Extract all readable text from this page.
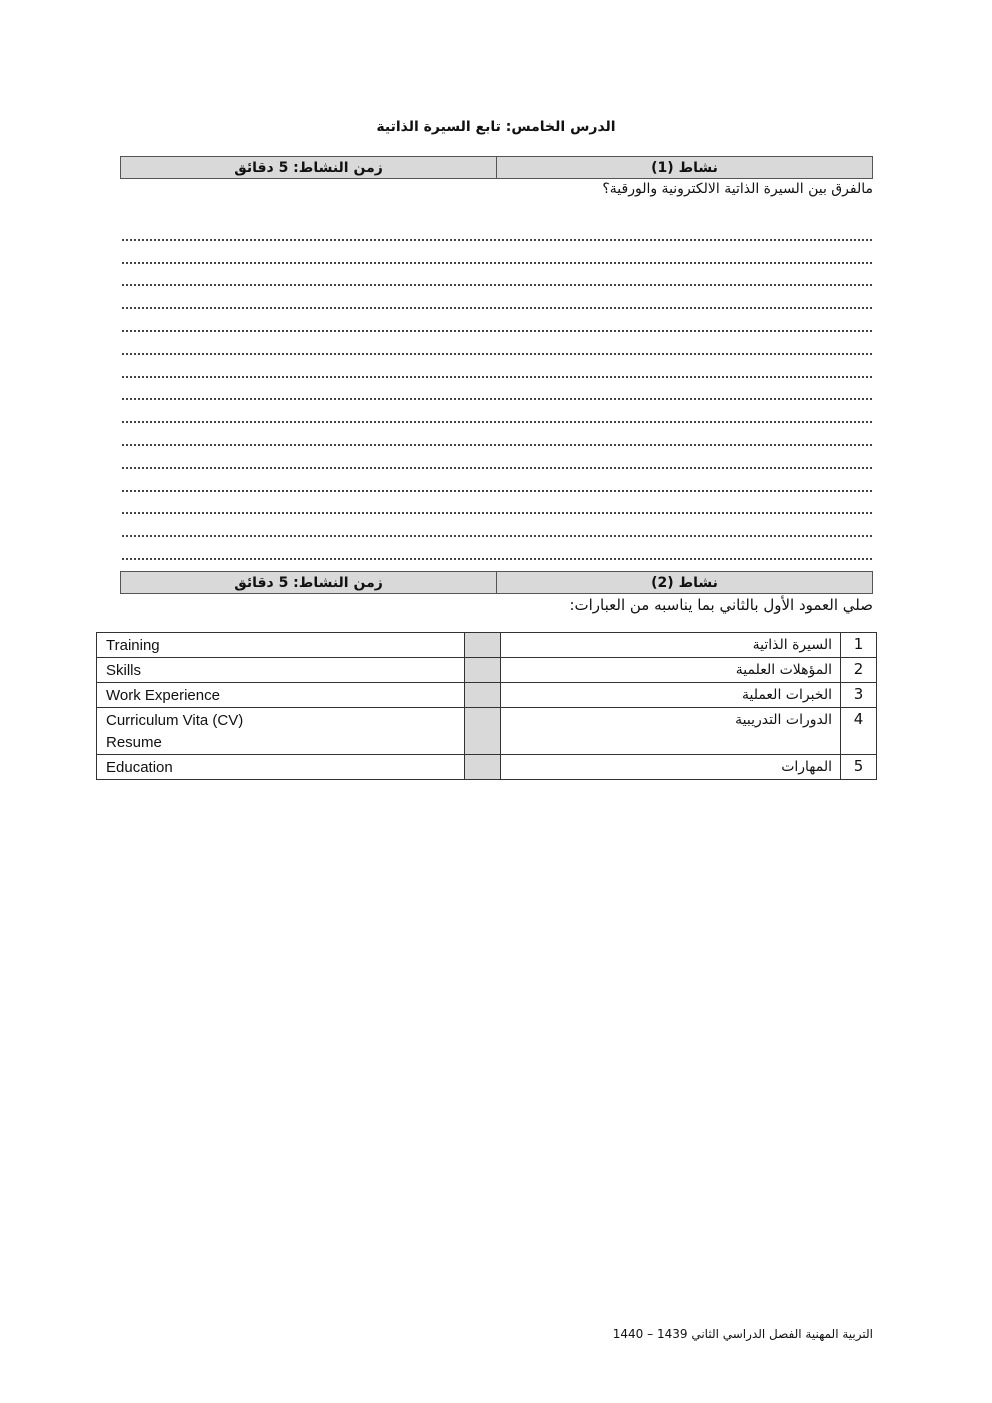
الدرس الخامس: تابع السيرة الذاتية
نشاط (1)
زمن النشاط: 5 دقائق
مالفرق بين السيرة الذاتية الالكترونية والورقية؟
نشاط (2)
زمن النشاط: 5 دقائق
صلي العمود الأول بالثاني بما يناسبه من العبارات:
Training		السيرة الذاتية	1
Skills		المؤهلات العلمية	2
Work Experience		الخبرات العملية	3

Curriculum Vita (CV)
Resume		الدورات التدريبية	4
Education		المهارات	5
التربية المهنية الفصل الدراسي الثاني 1439 – 1440
